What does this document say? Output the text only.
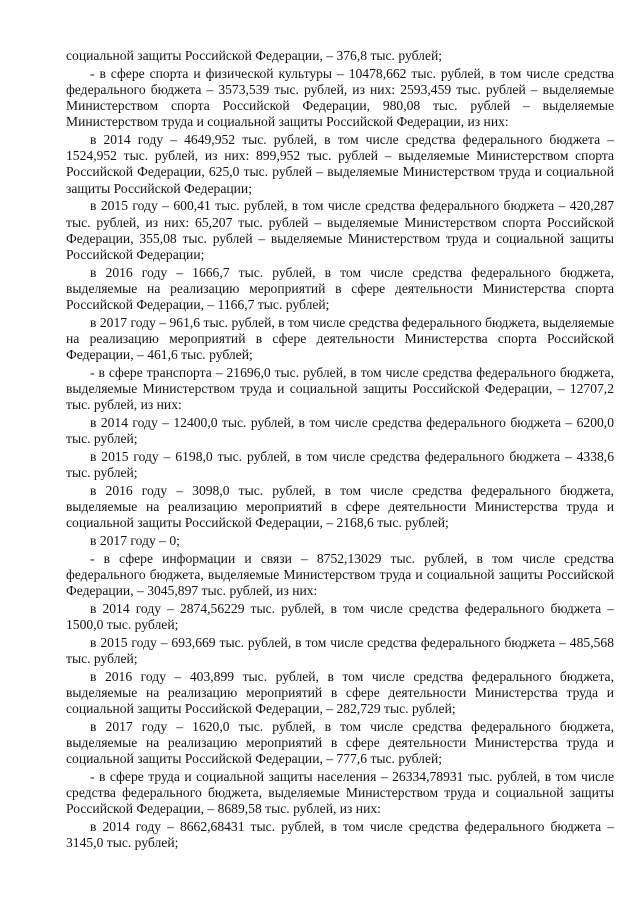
социальной защиты Российской Федерации, – 376,8 тыс. рублей;

- в сфере спорта и физической культуры – 10478,662 тыс. рублей, в том числе средства федерального бюджета – 3573,539 тыс. рублей, из них: 2593,459 тыс. рублей – выделяемые Министерством спорта Российской Федерации, 980,08 тыс. рублей – выделяемые Министерством труда и социальной защиты Российской Федерации, из них:

в 2014 году – 4649,952 тыс. рублей, в том числе средства федерального бюджета – 1524,952 тыс. рублей, из них: 899,952 тыс. рублей – выделяемые Министерством спорта Российской Федерации, 625,0 тыс. рублей – выделяемые Министерством труда и социальной защиты Российской Федерации;

в 2015 году – 600,41 тыс. рублей, в том числе средства федерального бюджета – 420,287 тыс. рублей, из них: 65,207 тыс. рублей – выделяемые Министерством спорта Российской Федерации, 355,08 тыс. рублей – выделяемые Министерством труда и социальной защиты Российской Федерации;

в 2016 году – 1666,7 тыс. рублей, в том числе средства федерального бюджета, выделяемые на реализацию мероприятий в сфере деятельности Министерства спорта Российской Федерации, – 1166,7 тыс. рублей;

в 2017 году – 961,6 тыс. рублей, в том числе средства федерального бюджета, выделяемые на реализацию мероприятий в сфере деятельности Министерства спорта Российской Федерации, – 461,6 тыс. рублей;

- в сфере транспорта – 21696,0 тыс. рублей, в том числе средства федерального бюджета, выделяемые Министерством труда и социальной защиты Российской Федерации, – 12707,2 тыс. рублей, из них:

в 2014 году – 12400,0 тыс. рублей, в том числе средства федерального бюджета – 6200,0 тыс. рублей;

в 2015 году – 6198,0 тыс. рублей, в том числе средства федерального бюджета – 4338,6 тыс. рублей;

в 2016 году – 3098,0 тыс. рублей, в том числе средства федерального бюджета, выделяемые на реализацию мероприятий в сфере деятельности Министерства труда и социальной защиты Российской Федерации, – 2168,6 тыс. рублей;

в 2017 году – 0;

- в сфере информации и связи – 8752,13029 тыс. рублей, в том числе средства федерального бюджета, выделяемые Министерством труда и социальной защиты Российской Федерации, – 3045,897 тыс. рублей, из них:

в 2014 году – 2874,56229 тыс. рублей, в том числе средства федерального бюджета – 1500,0 тыс. рублей;

в 2015 году – 693,669 тыс. рублей, в том числе средства федерального бюджета – 485,568 тыс. рублей;

в 2016 году – 403,899 тыс. рублей, в том числе средства федерального бюджета, выделяемые на реализацию мероприятий в сфере деятельности Министерства труда и социальной защиты Российской Федерации, – 282,729 тыс. рублей;

в 2017 году – 1620,0 тыс. рублей, в том числе средства федерального бюджета, выделяемые на реализацию мероприятий в сфере деятельности Министерства труда и социальной защиты Российской Федерации, – 777,6 тыс. рублей;

- в сфере труда и социальной защиты населения – 26334,78931 тыс. рублей, в том числе средства федерального бюджета, выделяемые Министерством труда и социальной защиты Российской Федерации, – 8689,58 тыс. рублей, из них:

в 2014 году – 8662,68431 тыс. рублей, в том числе средства федерального бюджета – 3145,0 тыс. рублей;
